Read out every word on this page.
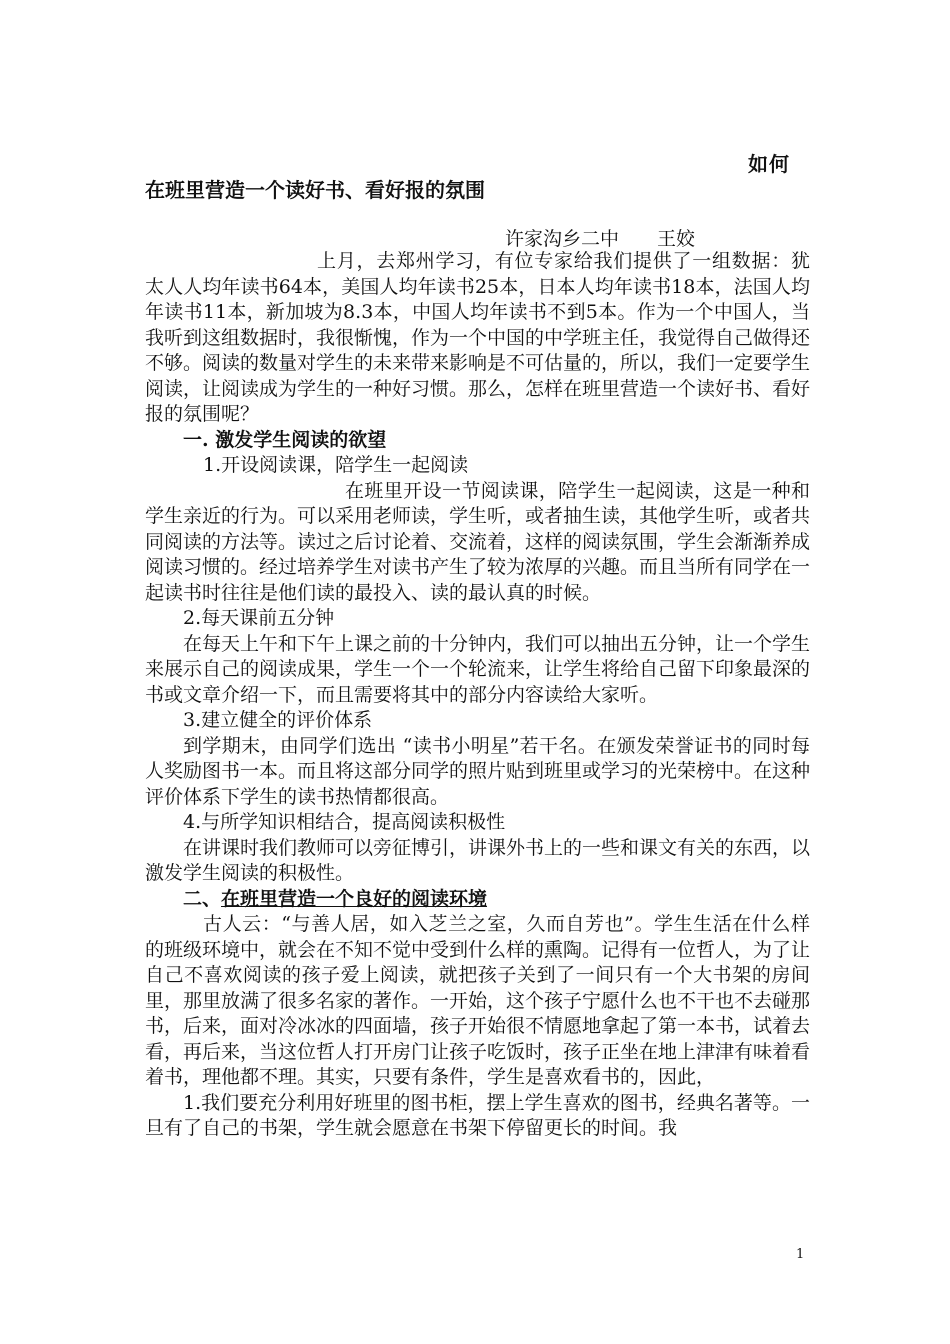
如何
在班里营造一个读好书、看好报的氛围
许家沟乡二中　　王姣

上月，去郑州学习，有位专家给我们提供了一组数据：犹太人人均年读书64本，美国人均年读书25本，日本人均年读书18本，法国人均年读书11本，新加坡为8.3本，中国人均年读书不到5本。作为一个中国人，当我听到这组数据时，我很惭愧，作为一个中国的中学班主任，我觉得自己做得还不够。阅读的数量对学生的未来带来影响是不可估量的，所以，我们一定要学生阅读，让阅读成为学生的一种好习惯。那么，怎样在班里营造一个读好书、看好报的氛围呢？

一. 激发学生阅读的欲望

1.开设阅读课，陪学生一起阅读

在班里开设一节阅读课，陪学生一起阅读，这是一种和学生亲近的行为。可以采用老师读，学生听，或者抽生读，其他学生听，或者共同阅读的方法等。读过之后讨论着、交流着，这样的阅读氛围，学生会渐渐养成阅读习惯的。经过培养学生对读书产生了较为浓厚的兴趣。而且当所有同学在一起读书时往往是他们读的最投入、读的最认真的时候。

2.每天课前五分钟

在每天上午和下午上课之前的十分钟内，我们可以抽出五分钟，让一个学生来展示自己的阅读成果，学生一个一个轮流来，让学生将给自己留下印象最深的书或文章介绍一下，而且需要将其中的部分内容读给大家听。

3.建立健全的评价体系

到学期末，由同学们选出 “读书小明星”若干名。在颁发荣誉证书的同时每人奖励图书一本。而且将这部分同学的照片贴到班里或学习的光荣榜中。在这种评价体系下学生的读书热情都很高。

4.与所学知识相结合，提高阅读积极性

在讲课时我们教师可以旁征博引，讲课外书上的一些和课文有关的东西，以激发学生阅读的积极性。

二、在班里营造一个良好的阅读环境

古人云：“与善人居，如入芝兰之室，久而自芳也”。学生生活在什么样的班级环境中，就会在不知不觉中受到什么样的熏陶。记得有一位哲人，为了让自己不喜欢阅读的孩子爱上阅读，就把孩子关到了一间只有一个大书架的房间里，那里放满了很多名家的著作。一开始，这个孩子宁愿什么也不干也不去碰那书，后来，面对冷冰冰的四面墙，孩子开始很不情愿地拿起了第一本书，试着去看，再后来，当这位哲人打开房门让孩子吃饭时，孩子正坐在地上津津有味着看着书，理他都不理。其实，只要有条件，学生是喜欢看书的，因此，

1.我们要充分利用好班里的图书柜，摆上学生喜欢的图书，经典名著等。一旦有了自己的书架，学生就会愿意在书架下停留更长的时间。我

1
